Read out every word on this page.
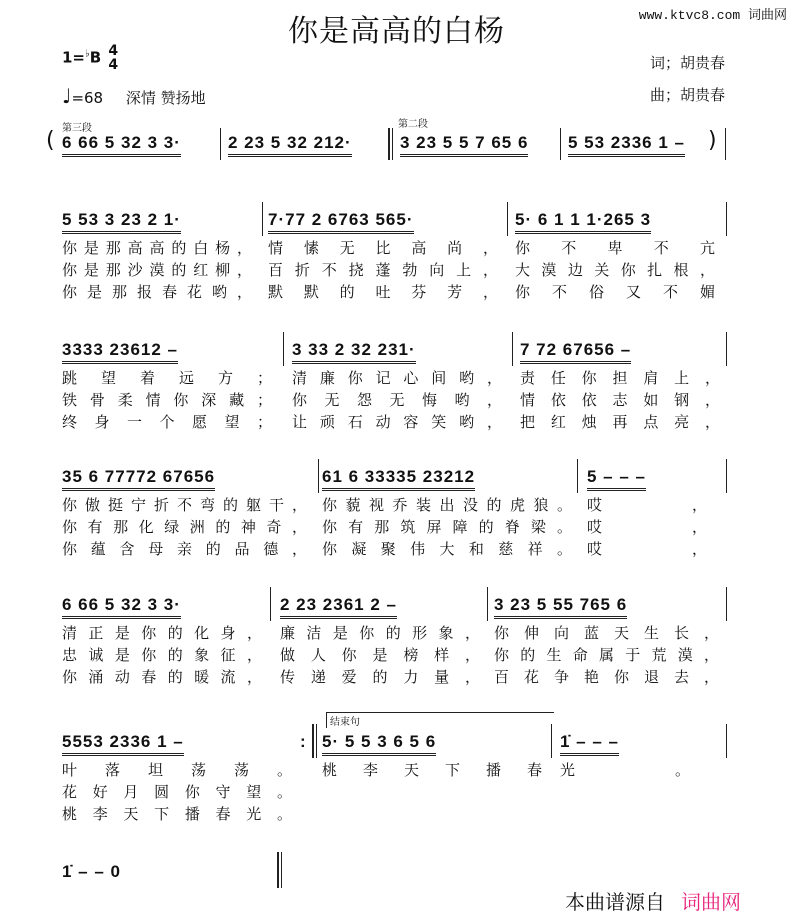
你是高高的白杨	www.ktvc8.com 词曲网
1=♭B 4
4
♩=68 深情 赞扬地
词；胡贵春
曲；胡贵春
第三段	第二段
结束句
( 6 66 5 32 3 3·	2 23 5 32 212·	3 23 5 5 7 65 6 5 53 2336 1 – )
5 53 3 23 2 1·
你是那高高的白杨，
你是那沙漠的红柳，
你是那报春花哟，
7·77 2 6763 565·
情愫无比高尚，
百折不挠蓬勃向上，
默默的吐芬芳，
5· 6 1 1 1·265 3
你不卑不亢
大漠边关你扎根，
你不俗又不媚
3333 23612 –
跳望着远方；
铁骨柔情你深藏；
终身一个愿望；
3 33 2 32 231·
清廉你记心间哟，
你无怨无悔哟，
让顽石动容笑哟，
7 72 67656 –
责任你担肩上，
情依依志如钢，
把红烛再点亮，
35 6 77772 67656
你傲挺宁折不弯的躯干，
你有那化绿洲的神奇，
你蕴含母亲的品德，
61 6 33335 23212
你藐视乔装出没的虎狼。
你有那筑屏障的脊梁。
你凝聚伟大和慈祥。
5 – – –
哎，
哎，
哎，
6 66 5 32 3 3·
清正是你的化身，
忠诚是你的象征，
你涌动春的暖流，
2 23 2361 2 –
廉洁是你的形象，
做人你是榜样，
传递爱的力量，
3 23 5 55 765 6
你伸向蓝天生长，
你的生命属于荒漠，
百花争艳你退去，
5553 2336 1 –
叶落坦荡荡。
花好月圆你守望。
桃李天下播春光。
5· 5 5 3 6 5 6
桃李天下播春
1̇ – – –
光。
:
1̇ – – 0
本曲谱源自 词曲网
